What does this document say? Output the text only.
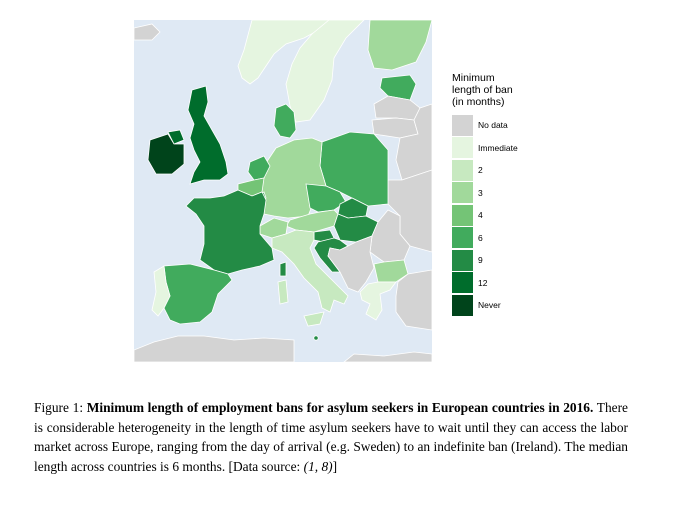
Minimum
length of ban
(in months)
No data
Immediate
2
3
4
6
9
12
Never
Figure 1: Minimum length of employment bans for asylum seekers in European countries in 2016. There is considerable heterogeneity in the length of time asylum seekers have to wait until they can access the labor market across Europe, ranging from the day of arrival (e.g. Sweden) to an indefinite ban (Ireland). The median length across countries is 6 months. [Data source: (1, 8)]
